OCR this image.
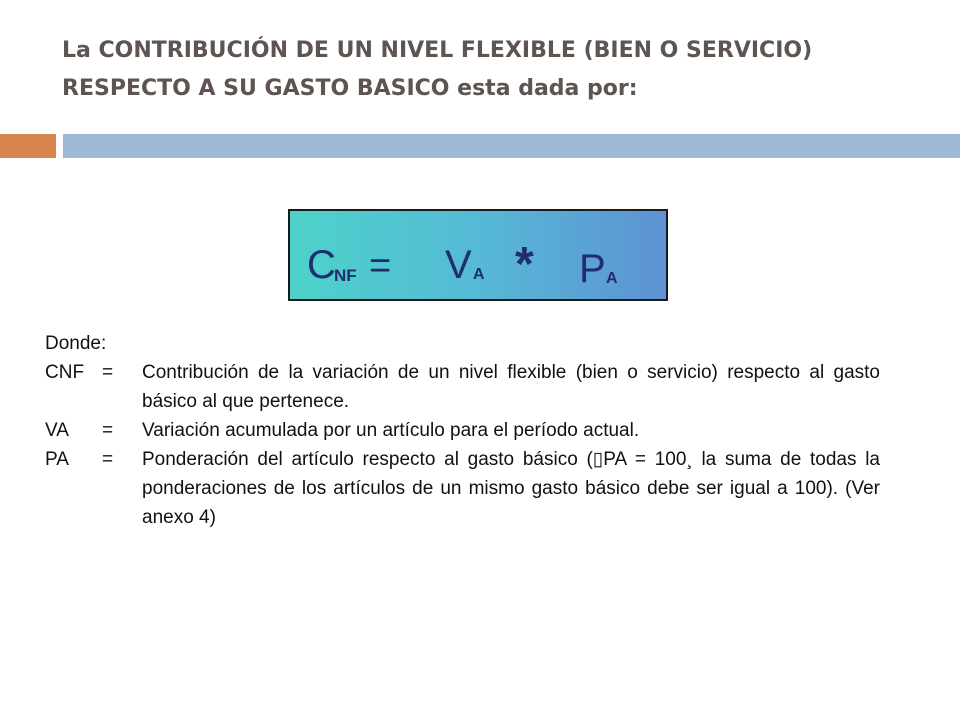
La CONTRIBUCIÓN DE UN NIVEL FLEXIBLE (BIEN O SERVICIO) RESPECTO A SU GASTO BASICO esta dada por:
C
NF = V A * P A

Donde:

CNF =	Contribución de la variación de un nivel flexible (bien o servicio) respecto al gasto básico al que pertenece.
VA	=	Variación acumulada por un artículo para el período actual.
PA	=	Ponderación del artículo respecto al gasto básico (▯PA = 100¸ la suma de todas la ponderaciones de los artículos de un mismo gasto básico debe ser igual a 100). (Ver anexo 4)
